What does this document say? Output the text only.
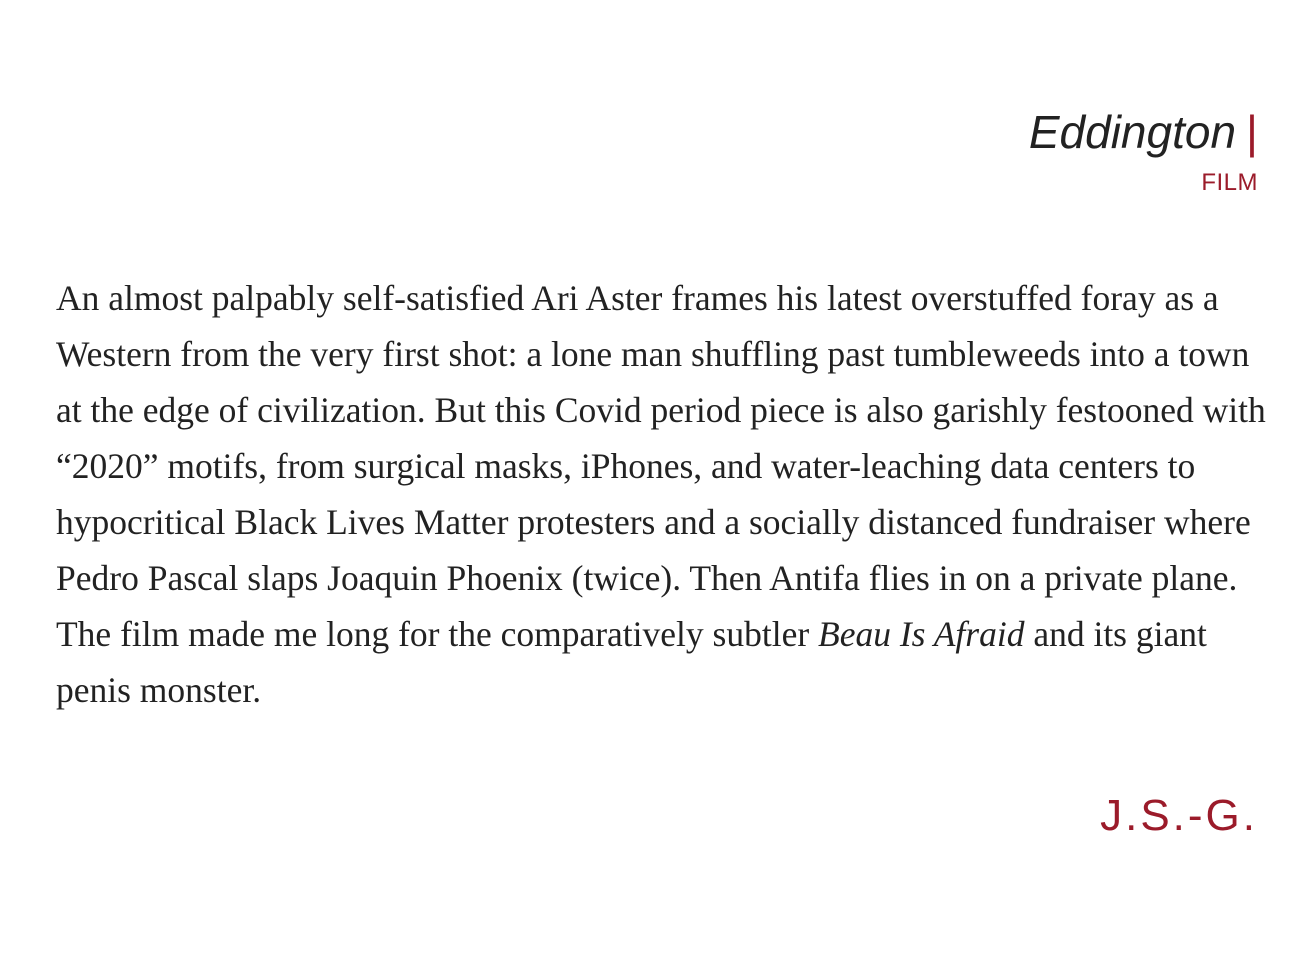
Eddington |
FILM

An almost palpably self-satisfied Ari Aster frames his latest overstuffed foray as a Western from the very first shot: a lone man shuffling past tumbleweeds into a town at the edge of civilization. But this Covid period piece is also garishly festooned with “2020” motifs, from surgical masks, iPhones, and water-leaching data centers to hypocritical Black Lives Matter protesters and a socially distanced fundraiser where Pedro Pascal slaps Joaquin Phoenix (twice). Then Antifa flies in on a private plane. The film made me long for the comparatively subtler Beau Is Afraid and its giant penis monster.

J.S.-G.
